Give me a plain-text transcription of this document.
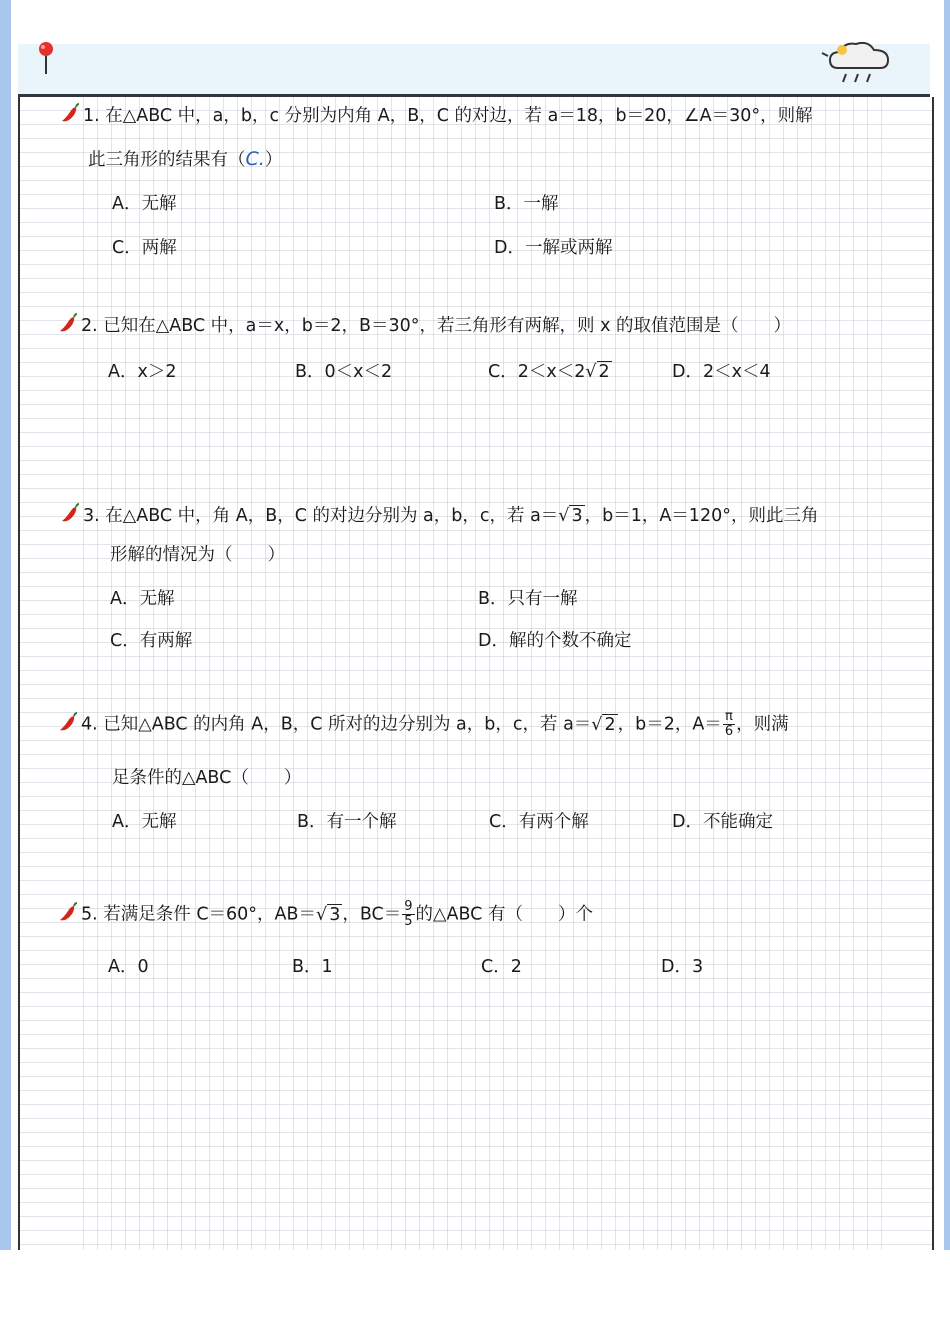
1. 在△ABC 中，a，b，c 分别为内角 A，B，C 的对边，若 a＝18，b＝20，∠A＝30°，则解
此三角形的结果有（C.）
A．无解	B．一解
C．两解	D．一解或两解
2. 已知在△ABC 中，a＝x，b＝2，B＝30°，若三角形有两解，则 x 的取值范围是（　　）
A．x＞2	B．0＜x＜2	C．2＜x＜2√ 2	D．2＜x＜4
3. 在△ABC 中，角 A，B，C 的对边分别为 a，b，c，若 a＝√ 3 ，b＝1，A＝120°，则此三角
形解的情况为（　　）
A．无解	B．只有一解
C．有两解	D．解的个数不确定
4. 已知△ABC 的内角 A，B，C 所对的边分别为 a，b，c，若 a＝√ 2 ，b＝2，$A= \frac{\pi}{6}$ ，则满
足条件的△ABC（　　）
A．无解	B．有一个解	C．有两个解	D．不能确定
5. 若满足条件 C＝60°，AB＝√ 3 ，$BC= \frac{9}{5}$ 的△ABC 有（　　）个
A．0	B．1	C．2	D．3
